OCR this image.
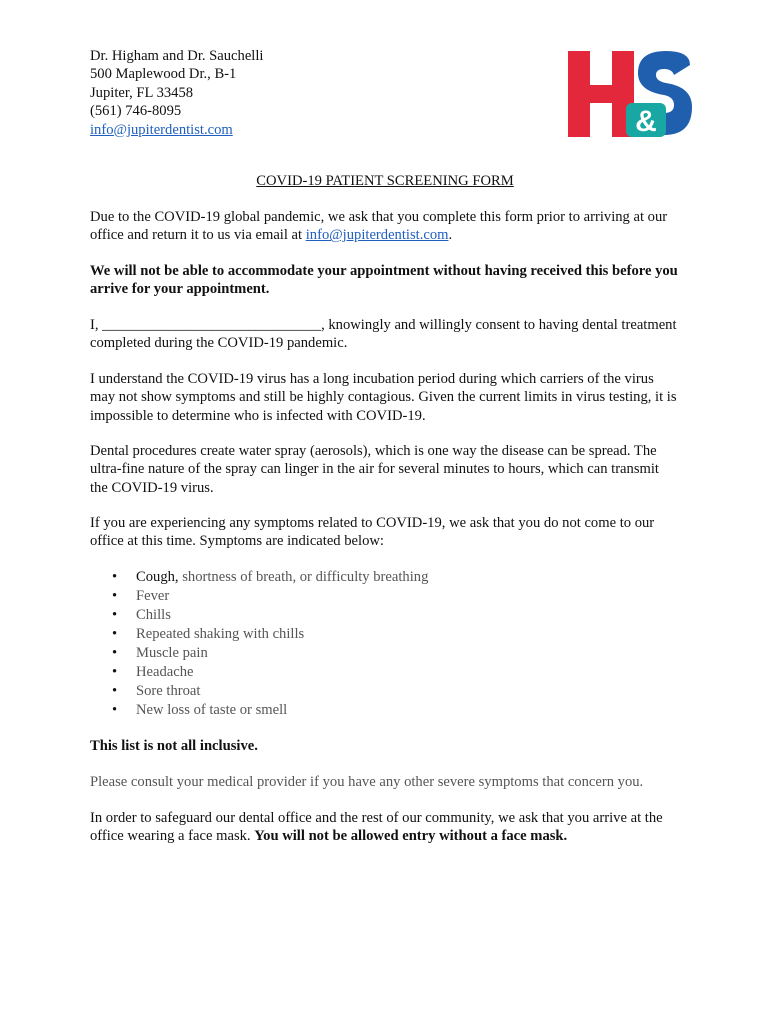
Dr. Higham and Dr. Sauchelli
500 Maplewood Dr., B-1
Jupiter, FL 33458
(561) 746-8095
info@jupiterdentist.com	&
COVID-19 PATIENT SCREENING FORM
Due to the COVID-19 global pandemic, we ask that you complete this form prior to arriving at our office and return it to us via email at info@jupiterdentist.com.
We will not be able to accommodate your appointment without having received this before you arrive for your appointment.
I, ______________________________, knowingly and willingly consent to having dental treatment completed during the COVID-19 pandemic.
I understand the COVID-19 virus has a long incubation period during which carriers of the virus may not show symptoms and still be highly contagious. Given the current limits in virus testing, it is impossible to determine who is infected with COVID-19.
Dental procedures create water spray (aerosols), which is one way the disease can be spread. The ultra-fine nature of the spray can linger in the air for several minutes to hours, which can transmit the COVID-19 virus.
If you are experiencing any symptoms related to COVID-19, we ask that you do not come to our office at this time. Symptoms are indicated below:
• Cough, shortness of breath, or difficulty breathing
• Fever
• Chills
• Repeated shaking with chills
• Muscle pain
• Headache
• Sore throat
• New loss of taste or smell
This list is not all inclusive.
Please consult your medical provider if you have any other severe symptoms that concern you.
In order to safeguard our dental office and the rest of our community, we ask that you arrive at the office wearing a face mask. You will not be allowed entry without a face mask.
